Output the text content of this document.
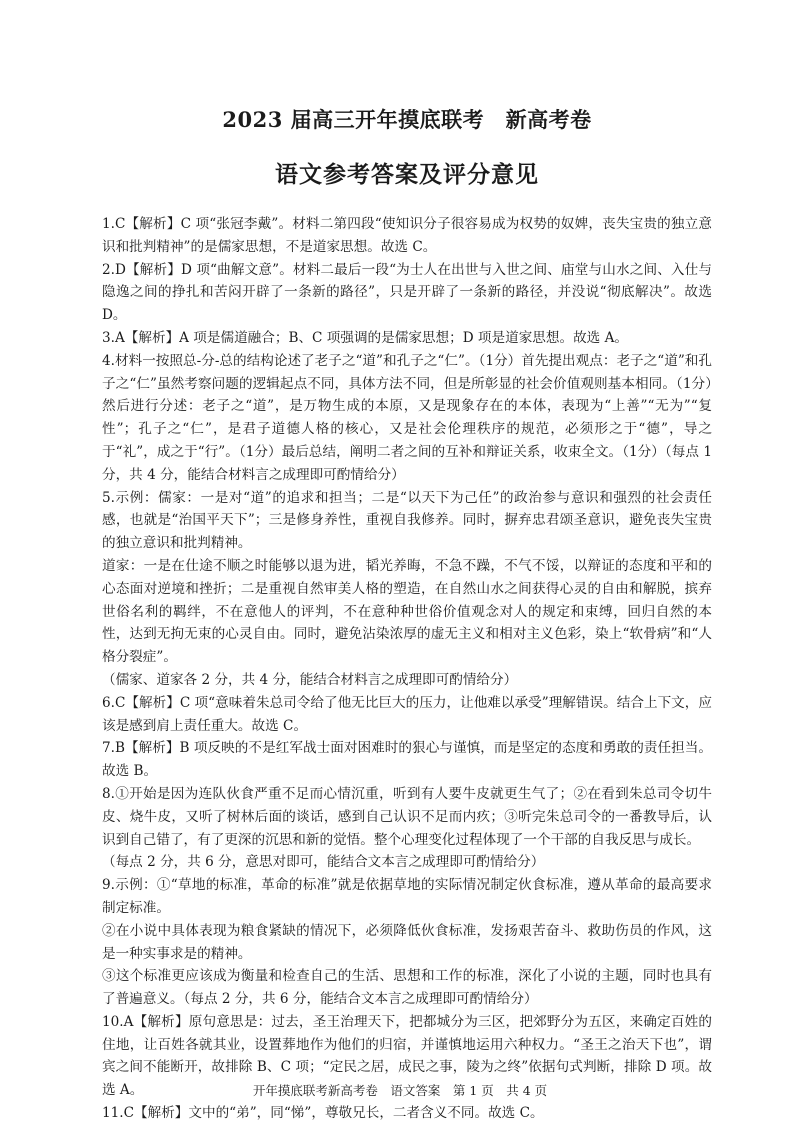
2023 届高三开年摸底联考　新高考卷
语文参考答案及评分意见

1.C【解析】C 项“张冠李戴”。材料二第四段“使知识分子很容易成为权势的奴婢，丧失宝贵的独立意识和批判精神”的是儒家思想，不是道家思想。故选 C。

2.D【解析】D 项“曲解文意”。材料二最后一段“为士人在出世与入世之间、庙堂与山水之间、入仕与隐逸之间的挣扎和苦闷开辟了一条新的路径”，只是开辟了一条新的路径，并没说“彻底解决”。故选 D。

3.A【解析】A 项是儒道融合；B、C 项强调的是儒家思想；D 项是道家思想。故选 A。

4.材料一按照总-分-总的结构论述了老子之“道”和孔子之“仁”。（1分）首先提出观点：老子之“道”和孔子之“仁”虽然考察问题的逻辑起点不同，具体方法不同，但是所彰显的社会价值观则基本相同。（1分）然后进行分述：老子之“道”，是万物生成的本原，又是现象存在的本体，表现为“上善”“无为”“复性”；孔子之“仁”，是君子道德人格的核心，又是社会伦理秩序的规范，必须形之于“德”，导之于“礼”，成之于“行”。（1分）最后总结，阐明二者之间的互补和辩证关系，收束全文。（1分）（每点 1 分，共 4 分，能结合材料言之成理即可酌情给分）

5.示例：儒家：一是对“道”的追求和担当；二是“以天下为己任”的政治参与意识和强烈的社会责任感，也就是“治国平天下”；三是修身养性，重视自我修养。同时，摒弃忠君颂圣意识，避免丧失宝贵的独立意识和批判精神。

道家：一是在仕途不顺之时能够以退为进，韬光养晦，不急不躁，不气不馁，以辩证的态度和平和的心态面对逆境和挫折；二是重视自然审美人格的塑造，在自然山水之间获得心灵的自由和解脱，摈弃世俗名利的羁绊，不在意他人的评判，不在意种种世俗价值观念对人的规定和束缚，回归自然的本性，达到无拘无束的心灵自由。同时，避免沾染浓厚的虚无主义和相对主义色彩，染上“软骨病”和“人格分裂症”。

（儒家、道家各 2 分，共 4 分，能结合材料言之成理即可酌情给分）

6.C【解析】C 项“意味着朱总司令给了他无比巨大的压力，让他难以承受”理解错误。结合上下文，应该是感到肩上责任重大。故选 C。

7.B【解析】B 项反映的不是红军战士面对困难时的狠心与谨慎，而是坚定的态度和勇敢的责任担当。故选 B。

8.①开始是因为连队伙食严重不足而心情沉重，听到有人要牛皮就更生气了；②在看到朱总司令切牛皮、烧牛皮，又听了树林后面的谈话，感到自己认识不足而内疚；③听完朱总司令的一番教导后，认识到自己错了，有了更深的沉思和新的觉悟。整个心理变化过程体现了一个干部的自我反思与成长。

（每点 2 分，共 6 分，意思对即可，能结合文本言之成理即可酌情给分）

9.示例：①“草地的标准，革命的标准”就是依据草地的实际情况制定伙食标准，遵从革命的最高要求制定标准。

②在小说中具体表现为粮食紧缺的情况下，必须降低伙食标准，发扬艰苦奋斗、救助伤员的作风，这是一种实事求是的精神。

③这个标准更应该成为衡量和检查自己的生活、思想和工作的标准，深化了小说的主题，同时也具有了普遍意义。（每点 2 分，共 6 分，能结合文本言之成理即可酌情给分）

10.A【解析】原句意思是：过去，圣王治理天下，把都城分为三区，把郊野分为五区，来确定百姓的住地，让百姓各就其业，设置葬地作为他们的归宿，并谨慎地运用六种权力。“圣王之治天下也”，谓宾之间不能断开，故排除 B、C 项；“定民之居，成民之事，陵为之终”依据句式判断，排除 D 项。故选 A。

11.C【解析】文中的“弟”，同“悌”，尊敬兄长，二者含义不同。故选 C。

开年摸底联考新高考卷　语文答案　第 1 页　共 4 页
